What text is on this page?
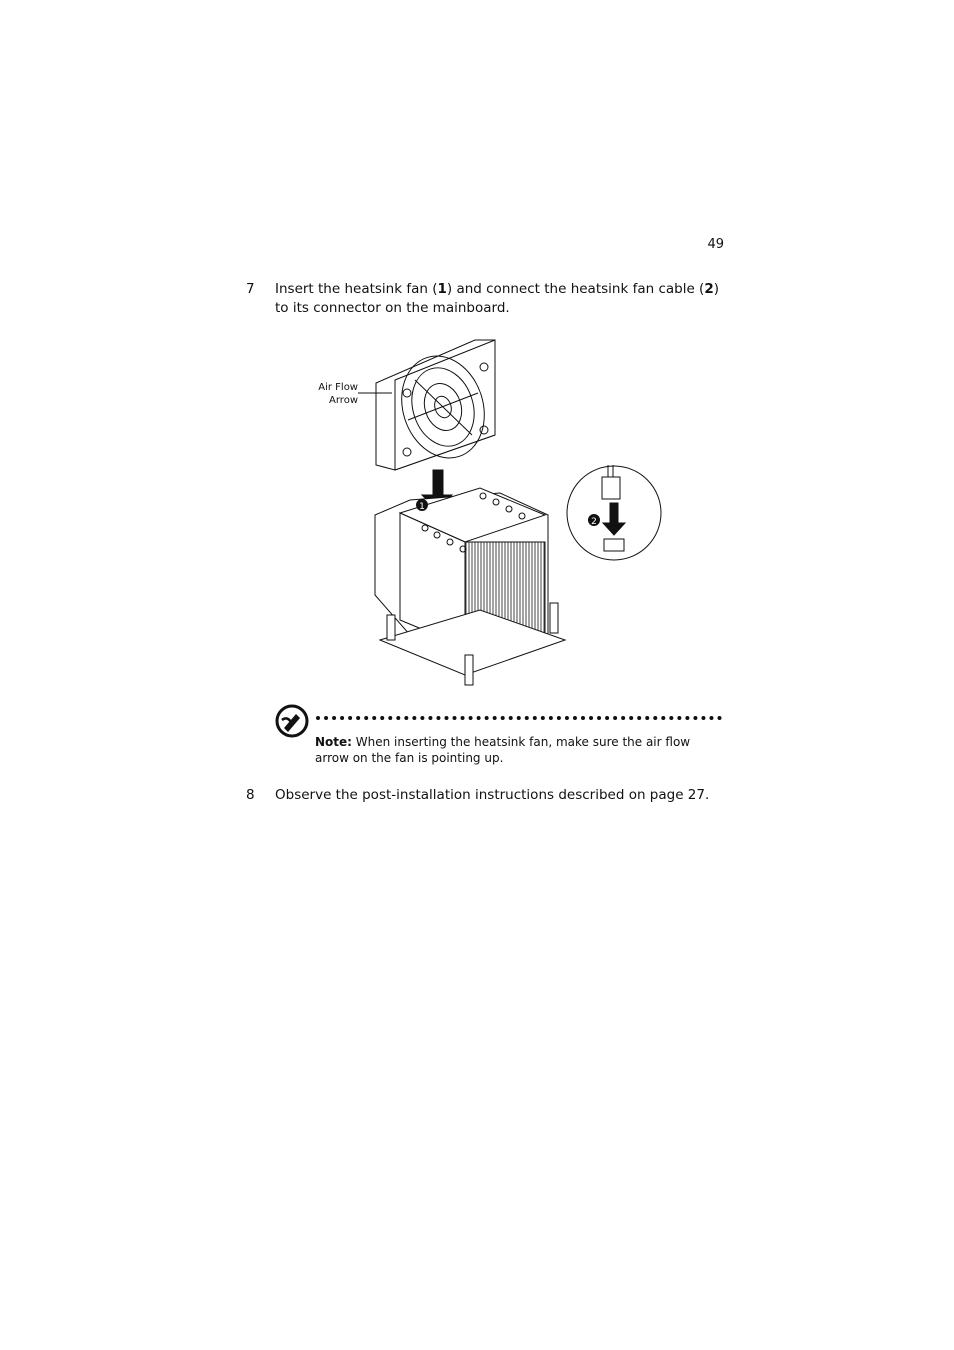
49
7	Insert the heatsink fan (1) and connect the heatsink fan cable (2) to its connector on the mainboard.
Air Flow
Arrow
1
2
Note: When inserting the heatsink fan, make sure the air flow arrow on the fan is pointing up.
8	Observe the post-installation instructions described on page 27.
